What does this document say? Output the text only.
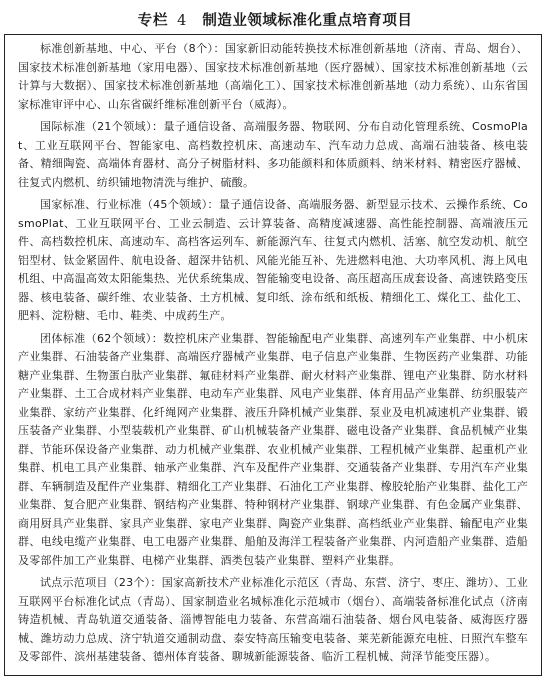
专栏 4 制造业领域标准化重点培育项目

标准创新基地、中心、平台（8个）：国家新旧动能转换技术标准创新基地（济南、青岛、烟台）、国家技术标准创新基地（家用电器）、国家技术标准创新基地（医疗器械）、国家技术标准创新基地（云计算与大数据）、国家技术标准创新基地（高端化工）、国家技术标准创新基地（动力系统）、山东省国家标准审评中心、山东省碳纤维标准创新平台（威海）。

国际标准（21个领域）：量子通信设备、高端服务器、物联网、分布自动化管理系统、CosmoPlat、工业互联网平台、智能家电、高档数控机床、高速动车、汽车动力总成、高端石油装备、核电装备、精细陶瓷、高端体育器材、高分子树脂材料、多功能颜料和体质颜料、纳米材料、精密医疗器械、往复式内燃机、纺织铺地物清洗与维护、硫酸。

国家标准、行业标准（45个领域）：量子通信设备、高端服务器、新型显示技术、云操作系统、CosmoPlat、工业互联网平台、工业云制造、云计算装备、高精度减速器、高性能控制器、高端液压元件、高档数控机床、高速动车、高档客运列车、新能源汽车、往复式内燃机、活塞、航空发动机、航空铝型材、钛金紧固件、航电设备、超深井钻机、风能光能互补、先进燃料电池、大功率风机、海上风电机组、中高温高效太阳能集热、光伏系统集成、智能输变电设备、高压超高压成套设备、高速铁路变压器、核电装备、碳纤维、农业装备、土方机械、复印纸、涂布纸和纸板、精细化工、煤化工、盐化工、肥料、淀粉糖、毛巾、鞋类、中成药生产。

团体标准（62个领域）：数控机床产业集群、智能输配电产业集群、高速列车产业集群、中小机床产业集群、石油装备产业集群、高端医疗器械产业集群、电子信息产业集群、生物医药产业集群、功能糖产业集群、生物蛋白肽产业集群、氟硅材料产业集群、耐火材料产业集群、锂电产业集群、防水材料产业集群、土工合成材料产业集群、电动车产业集群、风电产业集群、体育用品产业集群、纺织服装产业集群、家纺产业集群、化纤绳网产业集群、液压升降机械产业集群、泵业及电机减速机产业集群、锻压装备产业集群、小型装载机产业集群、矿山机械装备产业集群、磁电设备产业集群、食品机械产业集群、节能环保设备产业集群、动力机械产业集群、农业机械产业集群、工程机械产业集群、起重机产业集群、机电工具产业集群、轴承产业集群、汽车及配件产业集群、交通装备产业集群、专用汽车产业集群、车辆制造及配件产业集群、精细化工产业集群、石油化工产业集群、橡胶轮胎产业集群、盐化工产业集群、复合肥产业集群、钢结构产业集群、特种钢材产业集群、钢球产业集群、有色金属产业集群、商用厨具产业集群、家具产业集群、家电产业集群、陶瓷产业集群、高档纸业产业集群、输配电产业集群、电线电缆产业集群、电工电器产业集群、船舶及海洋工程装备产业集群、内河造船产业集群、造船及零部件加工产业集群、电梯产业集群、酒类包装产业集群、塑料产业集群。

试点示范项目（23个）：国家高新技术产业标准化示范区（青岛、东营、济宁、枣庄、潍坊）、工业互联网平台标准化试点（青岛）、国家制造业名城标准化示范城市（烟台）、高端装备标准化试点（济南铸造机械、青岛轨道交通装备、淄博智能电力装备、东营高端石油装备、烟台风电装备、威海医疗器械、潍坊动力总成、济宁轨道交通制动盘、泰安特高压输变电装备、莱芜新能源充电桩、日照汽车整车及零部件、滨州基建装备、德州体育装备、聊城新能源装备、临沂工程机械、菏泽节能变压器）。
